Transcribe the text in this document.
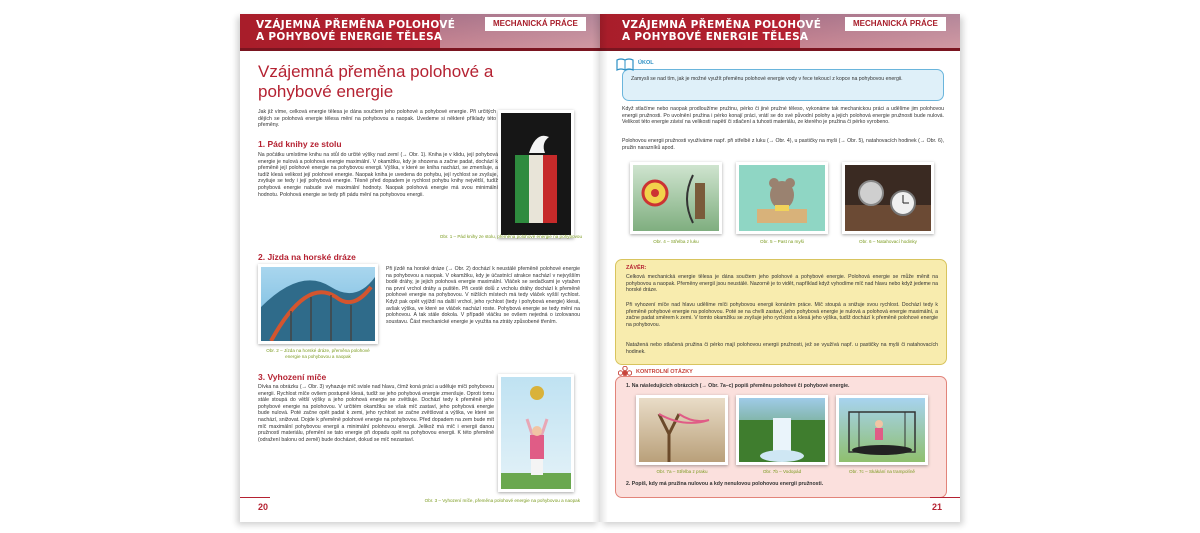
VZÁJEMNÁ PŘEMĚNA POLOHOVÉ
A POHYBOVÉ ENERGIE TĚLESA
MECHANICKÁ PRÁCE
Vzájemná přeměna polohové a pohybové energie
Jak již víme, celková energie tělesa je dána součtem jeho polohové a pohybové energie. Při určitých dějích se polohová energie tělesa mění na pohybovou a naopak. Uvedeme si některé příklady této přeměny.
1. Pád knihy ze stolu
Na počátku umístíme knihu na stůl do určité výšky nad zemí (→ Obr. 1). Kniha je v klidu, její pohybová energie je nulová a polohová energie maximální. V okamžiku, kdy je shozena a začne padat, dochází k přeměně její polohové energie na pohybovou energii. Výška, v které se kniha nachází, se zmenšuje, a tudíž klesá velikost její polohové energie. Naopak kniha je uvedena do pohybu, její rychlost se zvyšuje, zvyšuje se tedy i její pohybová energie. Těsně před dopadem je rychlost pohybu knihy největší, tudíž pohybová energie nabude své maximální hodnoty. Naopak polohová energie má svou minimální hodnotu. Polohová energie se tedy při pádu mění na pohybovou energii.
Obr. 1 – Pád knihy ze stolu, přeměna polohové energie na pohybovou
2. Jízda na horské dráze
Obr. 2 – Jízda na horské dráze, přeměna polohové energie na pohybovou a naopak
Při jízdě na horské dráze (→ Obr. 2) dochází k neustálé přeměně polohové energie na pohybovou a naopak. V okamžiku, kdy je účastnící atrakce nachází v nejvyšším bodě dráhy, je jejich polohová energie maximální. Vláček se sedačkami je vytažen na první vrchol dráhy a puštěn. Při cestě dolů z vrcholu dráhy dochází k přeměně polohové energie na pohybovou. V nižších místech má tedy vláček vyšší rychlost. Když pak opět vyjíždí na další vrchol, jeho rychlost (tedy i pohybová energie) klesá, avšak výška, ve které se vláček nachází roste. Pohybová energie se tedy mění na polohovou. A tak stále dokola. V případě vláčku se ovšem nejedná o izolovanou soustavu. Část mechanické energie je využita na ztráty způsobené třením.
3. Vyhození míče
Dívka na obrázku (→ Obr. 3) vyhazuje míč svisle nad hlavu, čímž koná práci a uděluje míči pohybovou energii. Rychlost míče ovšem postupně klesá, tudíž se jeho pohybová energie zmenšuje. Oproti tomu stále stoupá do větší výšky a jeho polohová energie se zvětšuje. Dochází tedy k přeměně jeho pohybové energie na polohovou. V určitém okamžiku se však míč zastaví, jeho pohybová energie bude nulová. Poté začne opět padat k zemi, jeho rychlost se začne zvětšovat a výška, ve které se nachází, snižovat. Dojde k přeměně polohové energie na pohybovou. Před dopadem na zem bude mít míč maximální pohybovou energii a minimální polohovou energii. Jelikož má míč i energii danou pružností materiálu, přemění se tato energie při dopadu opět na pohybovou energii. K této přeměně (odražení balonu od země) bude docházet, dokud se míč nezastaví.
Obr. 3 – Vyhození míče, přeměna polohové energie na pohybovou a naopak
20
VZÁJEMNÁ PŘEMĚNA POLOHOVÉ
A POHYBOVÉ ENERGIE TĚLESA
MECHANICKÁ PRÁCE
Zamysli se nad tím, jak je možné využít přeměnu polohové energie vody v řece tekoucí z kopce na pohybovou energii.
ÚKOL
Když stlačíme nebo naopak prodloužíme pružinu, pérko či jiné pružné těleso, vykonáme tak mechanickou práci a udělíme jim polohovou energii pružnosti. Po uvolnění pružina i pérko konají práci, vrátí se do své původní polohy a jejich polohová energie pružnosti bude nulová. Velikost této energie závisí na velikosti napětí či stlačení a tuhosti materiálu, ze kterého je pružina či pérko vyrobeno.
Polohovou energii pružnosti využíváme např. při střelbě z luku (→ Obr. 4), u pastičky na myši (→ Obr. 5), natahovacích hodinek (→ Obr. 6), pružin narazníků apod.
Obr. 4 – Střelba z luku	Obr. 5 – Past na myši	Obr. 6 – Natahovací hodinky
ZÁVĚR:
Celková mechanická energie tělesa je dána součtem jeho polohové a pohybové energie. Polohová energie se může měnit na pohybovou a naopak. Přeměny energií jsou neustálé. Nazorně je to vidět, například když vyhodíme míč nad hlavu nebo když jedeme na horské dráze.
Při vyhození míče nad hlavu udělíme míči pohybovou energii konáním práce. Míč stoupá a snižuje svou rychlost. Dochází tedy k přeměně pohybové energie na polohovou. Poté se na chvíli zastaví, jeho pohybová energie je nulová a polohová energie maximální, a začne padat směrem k zemi. V tomto okamžiku se zvyšuje jeho rychlost a klesá jeho výška, tudíž dochází k přeměně polohové energie na pohybovou.
Natažená nebo stlačená pružina či pérko mají polohovou energii pružnosti, jež se využívá např. u pastičky na myši či natahovacích hodinek.
KONTROLNÍ OTÁZKY
1. Na následujících obrázcích (→ Obr. 7a–c) popiš přeměnu polohové či pohybové energie.
Obr. 7a – Střelba z praku	Obr. 7b – Vodopád	Obr. 7c – Skákání na trampolíně
2. Popiš, kdy má pružina nulovou a kdy nenulovou polohovou energii pružnosti.
21
